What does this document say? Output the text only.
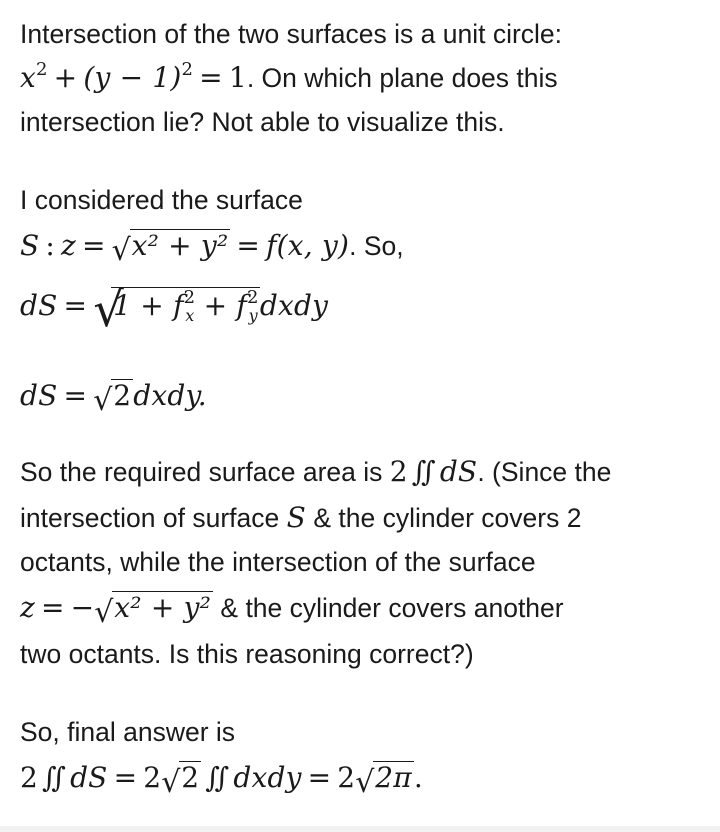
Intersection of the two surfaces is a unit circle:
$x^2 + (y - 1)^2 = 1$. On which plane does this
intersection lie? Not able to visualize this.
I considered the surface
S : z = √ x² + y² = f(x, y). So,
dS = √
$1 + f^2_x$ + $f^2_ydxdy$
dS = √ 2dxdy.
So the required surface area is 2 ∬ dS. (Since the
intersection of surface S & the cylinder covers 2
octants, while the intersection of the surface
z = − √ x² + y² & the cylinder covers another
two octants. Is this reasoning correct?)
So, final answer is
2 ∬ dS = 2 √ 2 ∬ dxdy = 2 √ 2π.
